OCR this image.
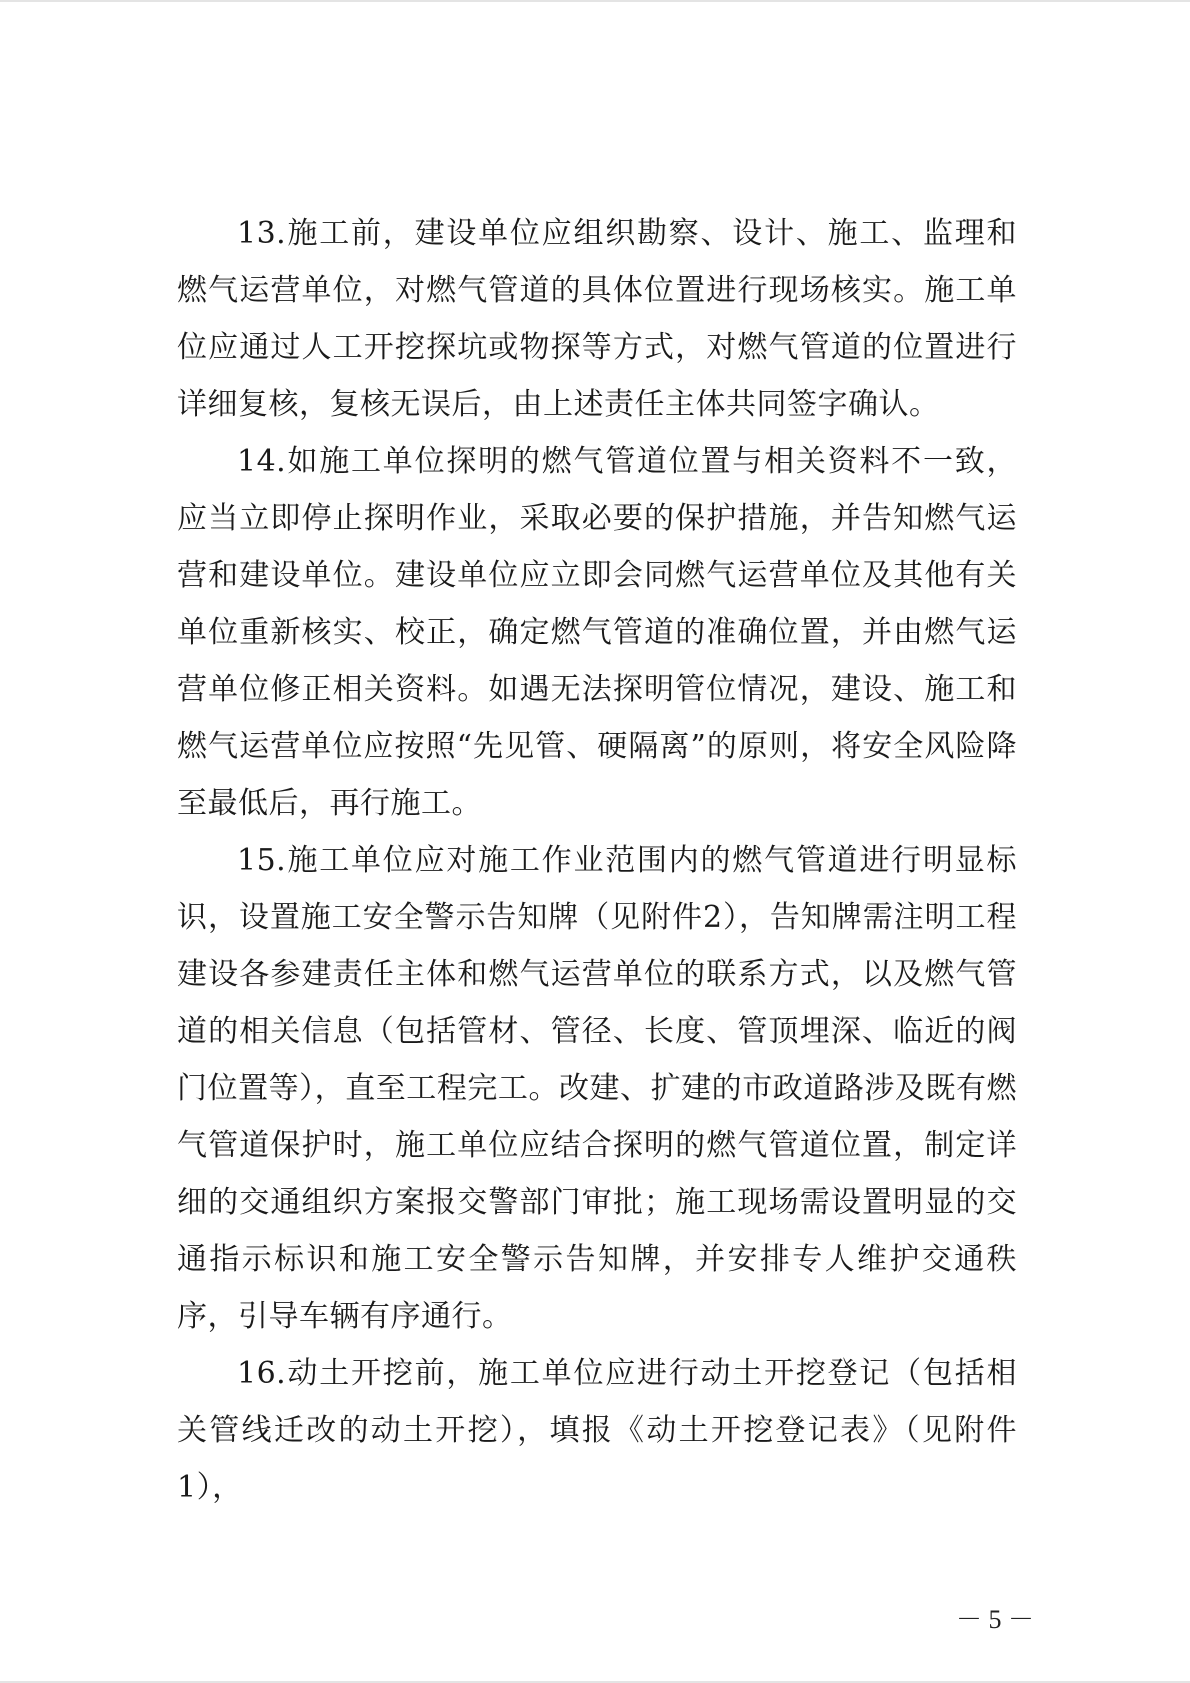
13.施工前，建设单位应组织勘察、设计、施工、监理和燃气运营单位，对燃气管道的具体位置进行现场核实。施工单位应通过人工开挖探坑或物探等方式，对燃气管道的位置进行详细复核，复核无误后，由上述责任主体共同签字确认。

14.如施工单位探明的燃气管道位置与相关资料不一致，应当立即停止探明作业，采取必要的保护措施，并告知燃气运营和建设单位。建设单位应立即会同燃气运营单位及其他有关单位重新核实、校正，确定燃气管道的准确位置，并由燃气运营单位修正相关资料。如遇无法探明管位情况，建设、施工和燃气运营单位应按照“先见管、硬隔离”的原则，将安全风险降至最低后，再行施工。

15.施工单位应对施工作业范围内的燃气管道进行明显标识，设置施工安全警示告知牌（见附件2），告知牌需注明工程建设各参建责任主体和燃气运营单位的联系方式，以及燃气管道的相关信息（包括管材、管径、长度、管顶埋深、临近的阀门位置等），直至工程完工。改建、扩建的市政道路涉及既有燃气管道保护时，施工单位应结合探明的燃气管道位置，制定详细的交通组织方案报交警部门审批；施工现场需设置明显的交通指示标识和施工安全警示告知牌，并安排专人维护交通秩序，引导车辆有序通行。

16.动土开挖前，施工单位应进行动土开挖登记（包括相关管线迁改的动土开挖），填报《动土开挖登记表》（见附件1），

－ 5 －
